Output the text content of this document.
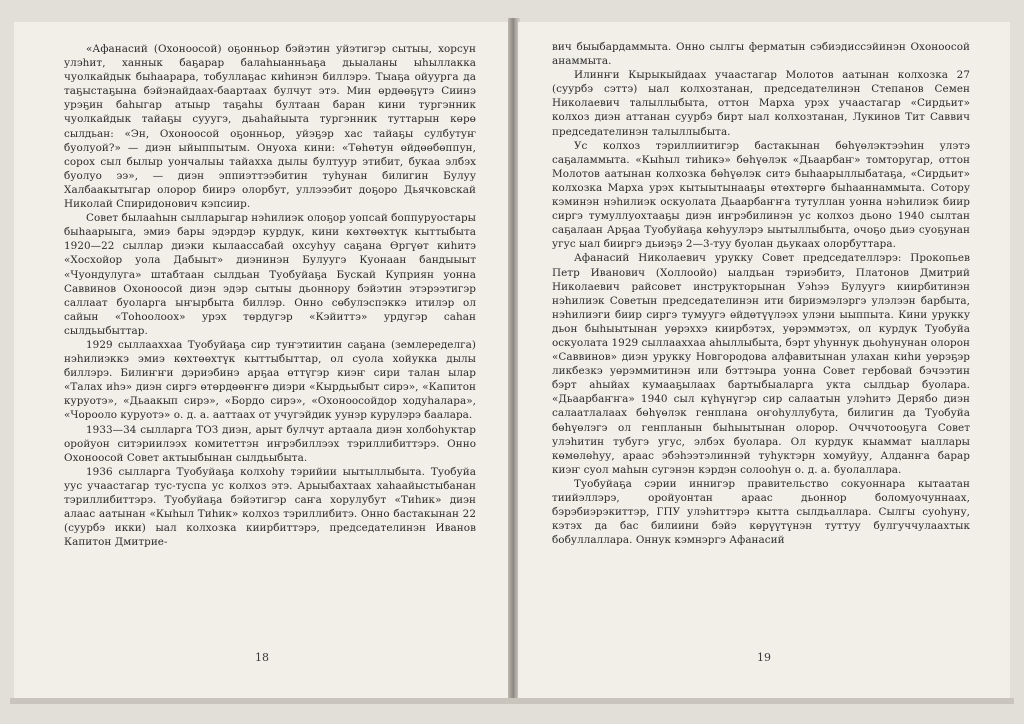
«Афанасий (Охоноосой) оҕонньор бэйэтин уйэтигэр сытыы, хорсун улэhит, ханнык баҕарар балаhыанньаҕа дьыаланы ыһыллакка чуолкайдык быhаарара, тобуллаҕас киhинэн биллэрэ. Тыаҕа ойуурга да таҕыстаҕына бэйэнайдаах-баартаах булчут этэ. Мин өрдөөҕүтэ Сиинэ урэҕин баhыгар атыыр таҕаhы бултаан баран кини тургэнник чуолкайдык тайаҕы сууугэ, дьаhайыыта тургэнник туттарын көрө сылдьан: «Эн, Охоноосой оҕонньор, уйэҕэр хас тайаҕы сулбутуҥ буолуой?» — диэн ыйыппытым. Онуоха кини: «Төhөтун өйдөөбөппун, сорох сыл былыр уончалыы тайахха дылы бултуур этибит, букаа элбэх буолуо ээ», — диэн эппиэттээбитин туhунан билигин Булуу Халбаакытыгар олорор биирэ олорбут, уллэээбит доҕоро Дьячковскай Николай Спиридонович кэпсиир.

Совет былааhын сылларыгар нэhилиэк олоҕор уопсай боппуруостары быhаарыыга, эмиэ бары эдэрдэр курдук, кини көхтөөхтүк кыттыбыта 1920—22 сыллар диэки кылаассабай охсуhуу саҕана Өргүөт киhитэ «Хосхойор уола Дабыыт» диэнинэн Булуугэ Куонаан бандыыыт «Чуондулуга» штабтаан сылдьан Туобуйаҕа Бускай Куприян уонна Саввинов Охоноосой диэн эдэр сытыы дьоннору бэйэтин этэрээтигэр саллаат буоларга ыҥырбыта биллэр. Онно сөбулэспэккэ итилэр ол сайын «Тоhоолоох» урэх төрдугэр «Кэйиттэ» урдугэр саhан сылдьыбыттар.

1929 сыллааххаа Туобуйаҕа сир туҥэтиитин саҕана (землеределга) нэhилиэккэ эмиэ көхтөөхтүк кыттыбыттар, ол суола хойукка дылы биллэрэ. Билиҥҥи дэриэбинэ арҕаа өттүгэр киэҥ сири талан ылар «Талах иhэ» диэн сиргэ өтөрдөөҥҥө диэри «Кырдьыбыт сирэ», «Капитон куруотэ», «Дьаакып сирэ», «Бордо сирэ», «Охоноосойдор ходуhалара», «Чорооло куруотэ» о. д. а. ааттаах от учугэйдик уунэр курулэрэ баалара.

1933—34 сылларга ТОЗ диэн, арыт булчут артаала диэн холбоhуктар оройуон ситэриилээх комитеттэн иҥрэбиллээх тэриллибиттэрэ. Онно Охоноосой Совет актыыбынан сылдьыбыта.

1936 сылларга Туобуйаҕа колхоhу тэрийии ыытыллыбыта. Туобуйа уус учаастагар тус-туспа ус колхоз этэ. Арыыбахтаах хаhаайыстыбанан тэриллибиттэрэ. Туобуйаҕа бэйэтигэр саҥа хорулубут «Тиhик» диэн алаас аатынан «Кыhыл Тиhик» колхоз тэриллибитэ. Онно бастакынан 22 (суурбэ икки) ыал колхозка киирбиттэрэ, председателинэн Иванов Капитон Дмитрие-

18

вич быыбардаммыта. Онно сылгы ферматын сэбиэдиссэйинэн Охоноосой анаммыта.

Илинҥи Кырыкыйдаах учаастагар Молотов аатынан колхозка 27 (суурбэ сэттэ) ыал колхозтанан, председателинэн Степанов Семен Николаевич талыллыбыта, оттон Марха урэх учаастагар «Сирдьит» колхоз диэн аттанан суурбэ бирт ыал колхозтанан, Лукинов Тит Саввич председателинэн талыллыбыта.

Ус колхоз тэриллиитигэр бастакынан бөһүөлэктээhин улэтэ саҕаламмыта. «Кыhыл тиhикэ» бөһүөлэк «Дьаарбаҥ» томторугар, оттон Молотов аатынан колхозка бөһүөлэк ситэ быhаарыллыбатаҕа, «Сирдьит» колхозка Марха урэх кытыытынааҕы өтөхтөргө быhааннаммыта. Сотору кэминэн нэhилиэк оскуолата Дьаарбаҥҥа тутуллан уонна нэhилиэк биир сиргэ тумуллуохтааҕы диэн иҥрэбилинэн ус колхоз дьоно 1940 сылтан саҕалаан Арҕаа Туобуйаҕа көhуулэрэ ыытыллыбыта, очоҕо дьиэ суоҕунан угус ыал бииргэ дьиэҕэ 2—3-туу буолан дьукаах олорбуттара.

Афанасий Николаевич урукку Совет председателлэрэ: Прокопьев Петр Иванович (Холлоойо) ыалдьан тэриэбитэ, Платонов Дмитрий Николаевич райсовет инструкторынан Уэhээ Булуугэ киирбитинэн нэhилиэк Советын председателинэн ити бириэмэлэргэ улэлээн барбыта, нэhилиэги биир сиргэ тумуугэ өйдөтүүлээх улэни ыыппыта. Кини урукку дьон быhыытынан уөрэххэ киирбэтэх, уөрэммэтэх, ол курдук Туобуйа оскуолата 1929 сыллааххаа аhыллыбыта, бэрт уhуннук дьоhунунан олорон «Саввинов» диэн урукку Новгородова алфавитынан улахан киhи уөрэҕэр ликбезкэ уөрэммитинэн или бэттэыра уонна Совет гербовай бэчээтин бэрт аhыйах кумааҕылаах бартыбыаларга укта сылдьар буолара. «Дьаарбаҥҥа» 1940 сыл күhүнүгэр сир салаатын улэhитэ Дерябо диэн салаатлалаах бөһүөлэк генплана оҥоhуллубута, билигин да Туобуйа бөһүөлэгэ ол генпланын быhыытынан олорор. Очччотооҕуга Совет улэhитин тубугэ угус, элбэх буолара. Ол курдук кыаммат ыаллары көмөлөhуу, араас эбэhээтэлиннэй туhуктэрн хомуйуу, Алданҥа барар киэҥ суол маhын сугэнэн кэрдэн солооhун о. д. а. буолаллара.

Туобуйаҕа сэрии иннигэр правительство сокуоннара кытаатан тиийэллэрэ, оройуонтан араас дьоннор боломуочуннаах, бэрэбиэрэкиттэр, ГПУ улэhиттэрэ кытта сылдьаллара. Сылгы суоhуну, кэтэх да бас билиини бэйэ көрүүтүнэн туттуу булгуччулаахтык бобуллаллара. Оннук кэмнэргэ Афанасий

19
